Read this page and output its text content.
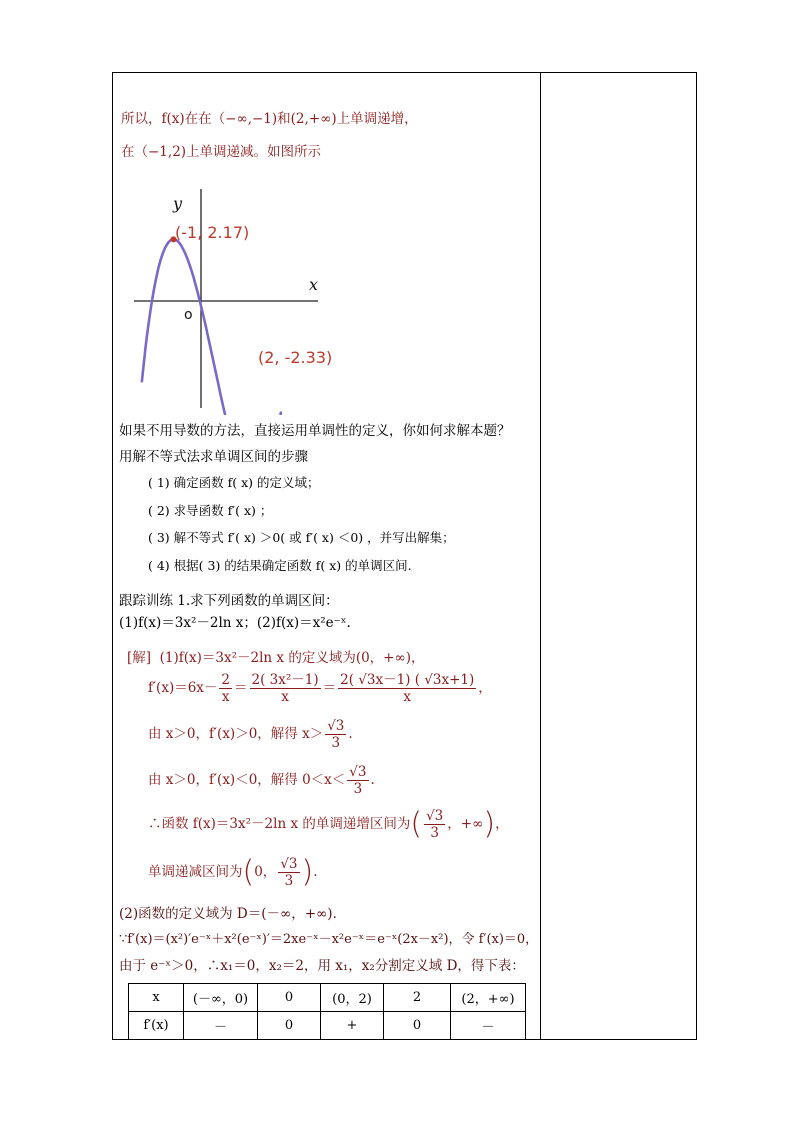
所以，f(x)在在（−∞,−1)和(2,+∞)上单调递增，
在（−1,2)上单调递减。如图所示
y
x
o
(-1, 2.17)
(2, -2.33)
如果不用导数的方法，直接运用单调性的定义，你如何求解本题？
用解不等式法求单调区间的步骤
( 1) 确定函数 f( x) 的定义域；
( 2) 求导函数 f′( x) ；
( 3) 解不等式 f′( x) ＞0( 或 f′( x) ＜0) ，并写出解集；
( 4) 根据( 3) 的结果确定函数 f( x) 的单调区间.
跟踪训练 1.求下列函数的单调区间：
(1)f(x)＝3x²－2ln x；(2)f(x)＝x²e⁻ˣ.
[解] (1)f(x)＝3x²－2ln x 的定义域为(0，+∞)，
$f'(x)=6x- \frac{2}{x} = \frac{\text{2( 3x²－1)}}{x} = \frac{2( √3x-1) ( √3x+1)}{x}$ ，
由 x＞0，f′(x)＞0，解得 $x> \frac{√3}{3}$ .
由 x＞0，f′(x)＜0，解得 $0<x< \frac{√3}{3}$ .
∴函数 f(x)＝3x²－2ln x 的单调递增区间为( $\frac{√3}{3}$ ，+∞)，
单调递减区间为(0， $\frac{√3}{3}$ ).
(2)函数的定义域为 D＝(－∞，+∞)．
∵f′(x)＝(x²)′e⁻ˣ＋x²(e⁻ˣ)′＝2xe⁻ˣ－x²e⁻ˣ＝e⁻ˣ(2x－x²)，令 f′(x)＝0，
由于 e⁻ˣ＞0，∴x₁＝0，x₂＝2，用 x₁，x₂分割定义域 D，得下表：
x	(－∞，0)	0	(0，2)	2	(2，+∞)
f′(x)	－	0	+	0	－
